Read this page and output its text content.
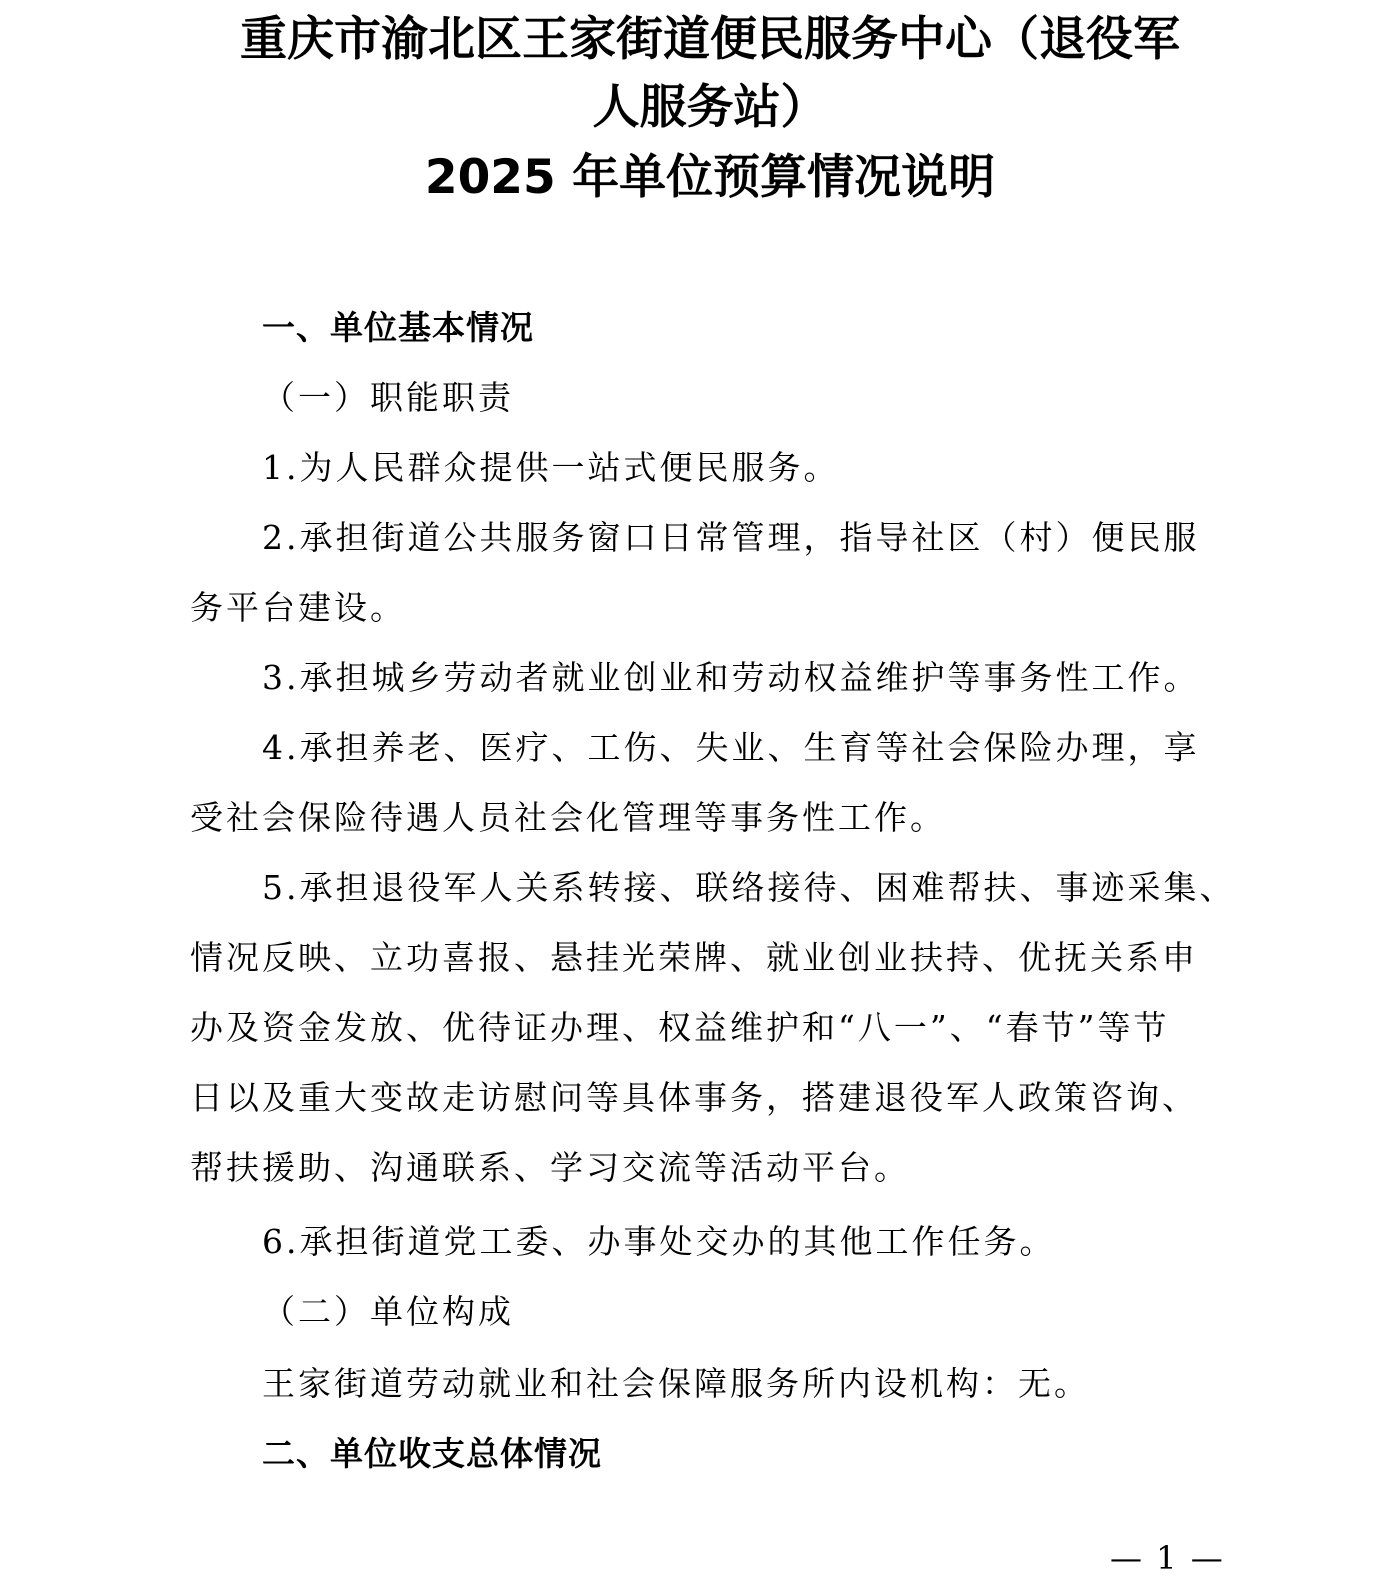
重庆市渝北区王家街道便民服务中心（退役军
人服务站）
2025 年单位预算情况说明
一、单位基本情况
（一）职能职责
1.为人民群众提供一站式便民服务。
2.承担街道公共服务窗口日常管理，指导社区（村）便民服
务平台建设。
3.承担城乡劳动者就业创业和劳动权益维护等事务性工作。
4.承担养老、医疗、工伤、失业、生育等社会保险办理，享
受社会保险待遇人员社会化管理等事务性工作。
5.承担退役军人关系转接、联络接待、困难帮扶、事迹采集、
情况反映、立功喜报、悬挂光荣牌、就业创业扶持、优抚关系申
办及资金发放、优待证办理、权益维护和“八一”、“春节”等节
日以及重大变故走访慰问等具体事务，搭建退役军人政策咨询、
帮扶援助、沟通联系、学习交流等活动平台。
6.承担街道党工委、办事处交办的其他工作任务。
（二）单位构成
王家街道劳动就业和社会保障服务所内设机构：无。
二、单位收支总体情况
— 1 —
